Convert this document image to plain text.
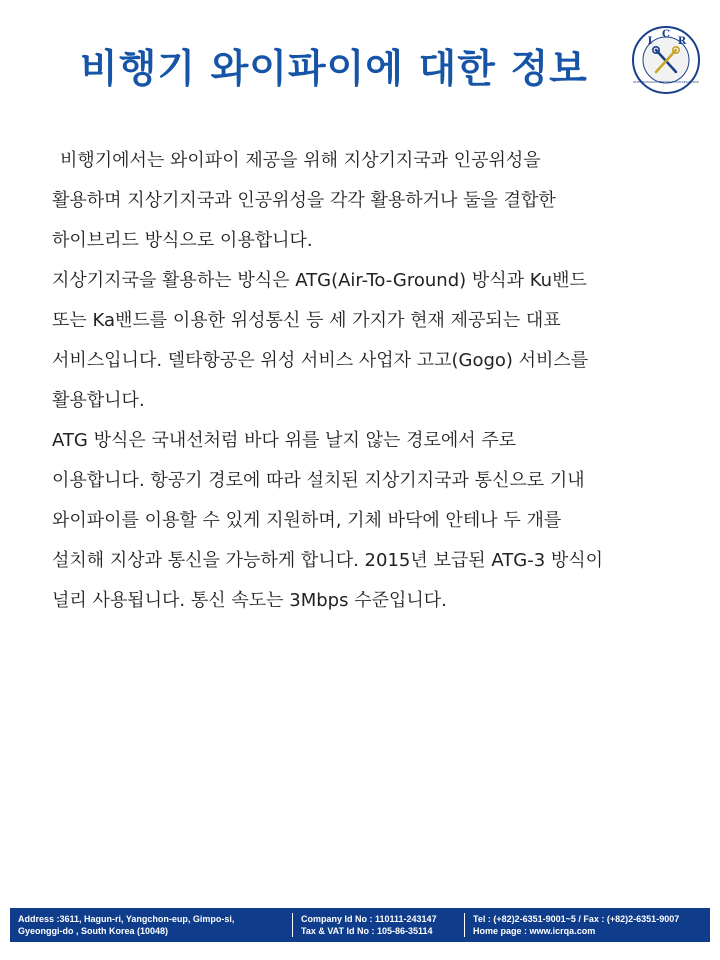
비행기 와이파이에 대한 정보
I
C
R
INTERNATIONAL CERTIFICATION REGISTRAR
비행기에서는 와이파이 제공을 위해 지상기지국과 인공위성을
활용하며 지상기지국과 인공위성을 각각 활용하거나 둘을 결합한
하이브리드 방식으로 이용합니다.
지상기지국을 활용하는 방식은 ATG(Air-To-Ground) 방식과 Ku밴드
또는 Ka밴드를 이용한 위성통신 등 세 가지가 현재 제공되는 대표
서비스입니다. 델타항공은 위성 서비스 사업자 고고(Gogo) 서비스를
활용합니다.
ATG 방식은 국내선처럼 바다 위를 날지 않는 경로에서 주로
이용합니다. 항공기 경로에 따라 설치된 지상기지국과 통신으로 기내
와이파이를 이용할 수 있게 지원하며, 기체 바닥에 안테나 두 개를
설치해 지상과 통신을 가능하게 합니다. 2015년 보급된 ATG-3 방식이
널리 사용됩니다. 통신 속도는 3Mbps 수준입니다.
Address :3611, Hagun-ri, Yangchon-eup, Gimpo-si,
Gyeonggi-do , South Korea (10048)
Company Id No : 110111-243147
Tax & VAT Id No : 105-86-35114
Tel : (+82)2-6351-9001~5 / Fax : (+82)2-6351-9007
Home page : www.icrqa.com
